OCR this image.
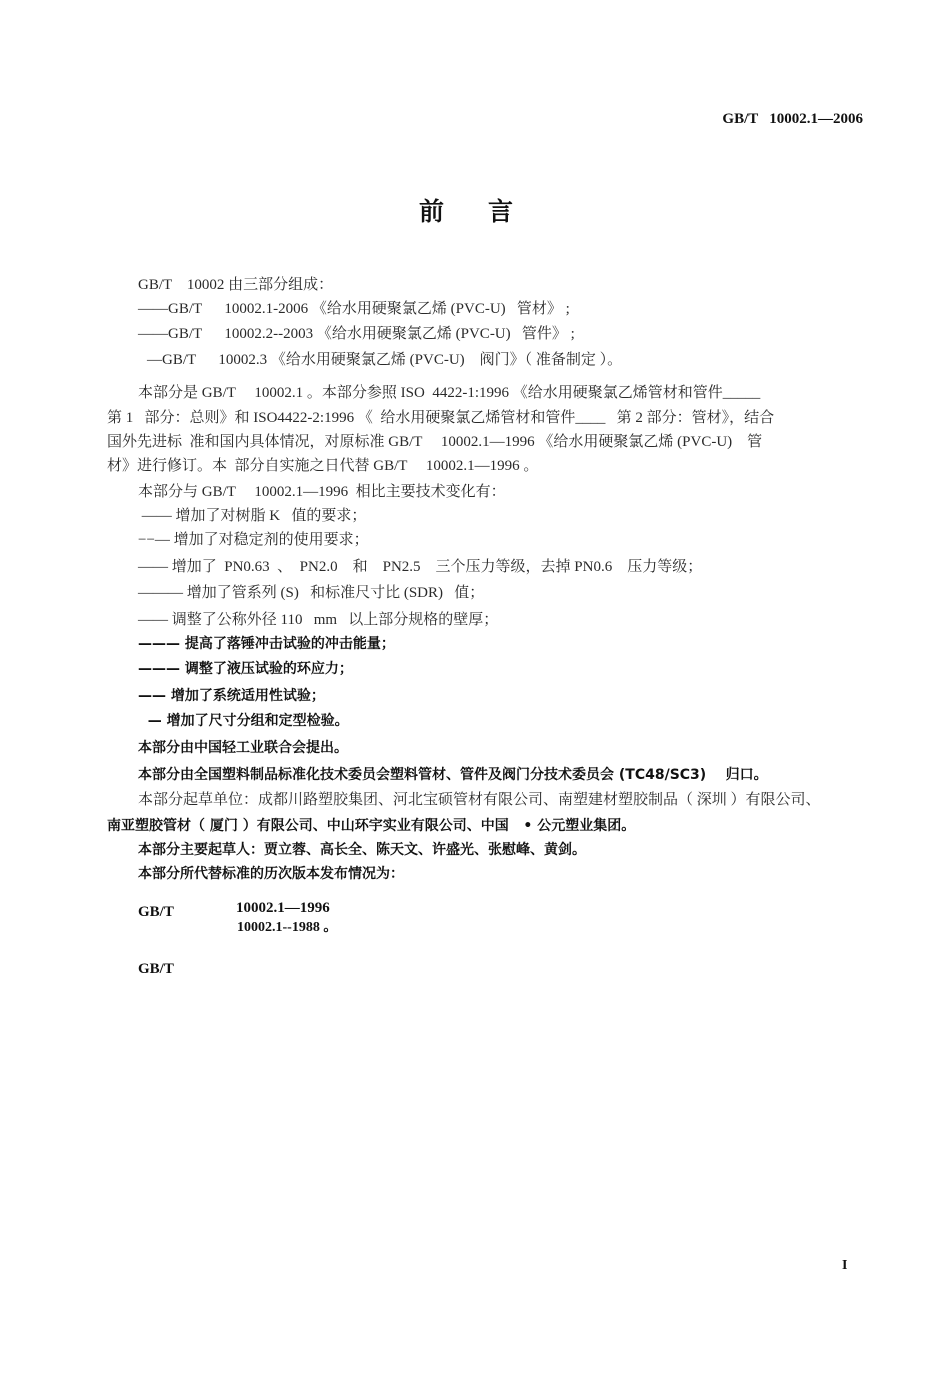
GB/T   10002.1—2006
前言
GB/T    10002 由三部分组成：
——GB/T      10002.1-2006 《给水用硬聚氯乙烯 (PVC-U)   管材》 ;
——GB/T      10002.2--2003 《给水用硬聚氯乙烯 (PVC-U)   管件》 ;
—GB/T      10002.3 《给水用硬聚氯乙烯 (PVC-U)    阀门》（ 准备制定 ）。
本部分是 GB/T     10002.1 。本部分参照 ISO  4422-1:1996 《给水用硬聚氯乙烯管材和管件_____
第 1   部分：总则》和 ISO4422-2:1996 《  给水用硬聚氯乙烯管材和管件____   第 2 部分：管材》，结合
国外先进标  准和国内具体情况，对原标准 GB/T     10002.1—1996 《给水用硬聚氯乙烯 (PVC-U)    管
材》进行修订。本  部分自实施之日代替 GB/T     10002.1—1996 。
本部分与 GB/T     10002.1—1996  相比主要技术变化有：
—— 增加了对树脂 K   值的要求；
−−— 增加了对稳定剂的使用要求；
—— 增加了  PN0.63  、  PN2.0    和    PN2.5    三个压力等级，去掉 PN0.6    压力等级；
——— 增加了管系列 (S)   和标准尺寸比 (SDR)   值；
—— 调整了公称外径 110   mm   以上部分规格的壁厚；
——— 提高了落锤冲击试验的冲击能量；
——— 调整了液压试验的环应力；
—— 增加了系统适用性试验；
— 增加了尺寸分组和定型检验。
本部分由中国轻工业联合会提出。
本部分由全国塑料制品标准化技术委员会塑料管材、管件及阀门分技术委员会 (TC48/SC3)    归口。
本部分起草单位：成都川路塑胶集团、河北宝硕管材有限公司、南塑建材塑胶制品（ 深圳 ）有限公司、
南亚塑胶管材（ 厦门 ）有限公司、中山环宇实业有限公司、中国   • 公元塑业集团。
本部分主要起草人：贾立蓉、高长全、陈天文、许盛光、张慰峰、黄剑。
本部分所代替标准的历次版本发布情况为：
GB/T	10002.1—1996
10002.1--1988 。
GB/T
I
